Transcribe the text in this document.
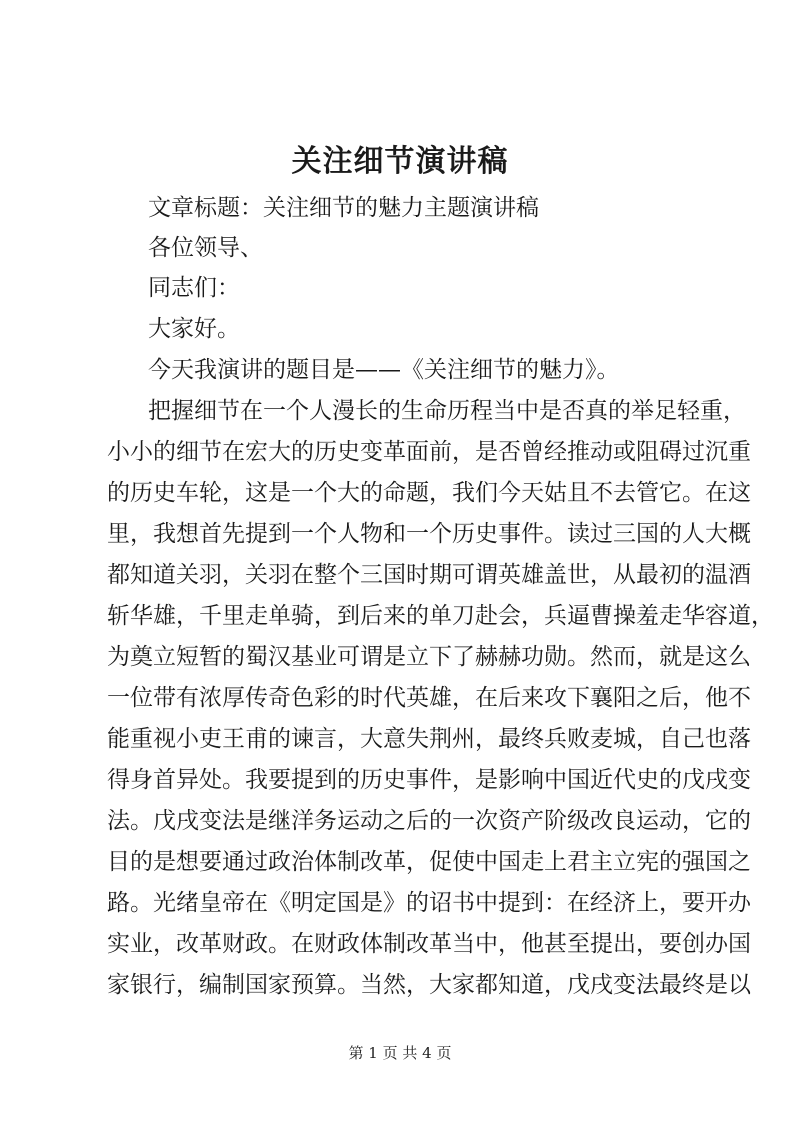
关注细节演讲稿
文章标题：关注细节的魅力主题演讲稿
各位领导、
同志们：
大家好。
今天我演讲的题目是——《关注细节的魅力》。
把握细节在一个人漫长的生命历程当中是否真的举足轻重，
小小的细节在宏大的历史变革面前，是否曾经推动或阻碍过沉重
的历史车轮，这是一个大的命题，我们今天姑且不去管它。在这
里，我想首先提到一个人物和一个历史事件。读过三国的人大概
都知道关羽，关羽在整个三国时期可谓英雄盖世，从最初的温酒
斩华雄，千里走单骑，到后来的单刀赴会，兵逼曹操羞走华容道，
为奠立短暂的蜀汉基业可谓是立下了赫赫功勋。然而，就是这么
一位带有浓厚传奇色彩的时代英雄，在后来攻下襄阳之后，他不
能重视小吏王甫的谏言，大意失荆州，最终兵败麦城，自己也落
得身首异处。我要提到的历史事件，是影响中国近代史的戊戌变
法。戊戌变法是继洋务运动之后的一次资产阶级改良运动，它的
目的是想要通过政治体制改革，促使中国走上君主立宪的强国之
路。光绪皇帝在《明定国是》的诏书中提到：在经济上，要开办
实业，改革财政。在财政体制改革当中，他甚至提出，要创办国
家银行，编制国家预算。当然，大家都知道，戊戌变法最终是以
第 1 页 共 4 页
